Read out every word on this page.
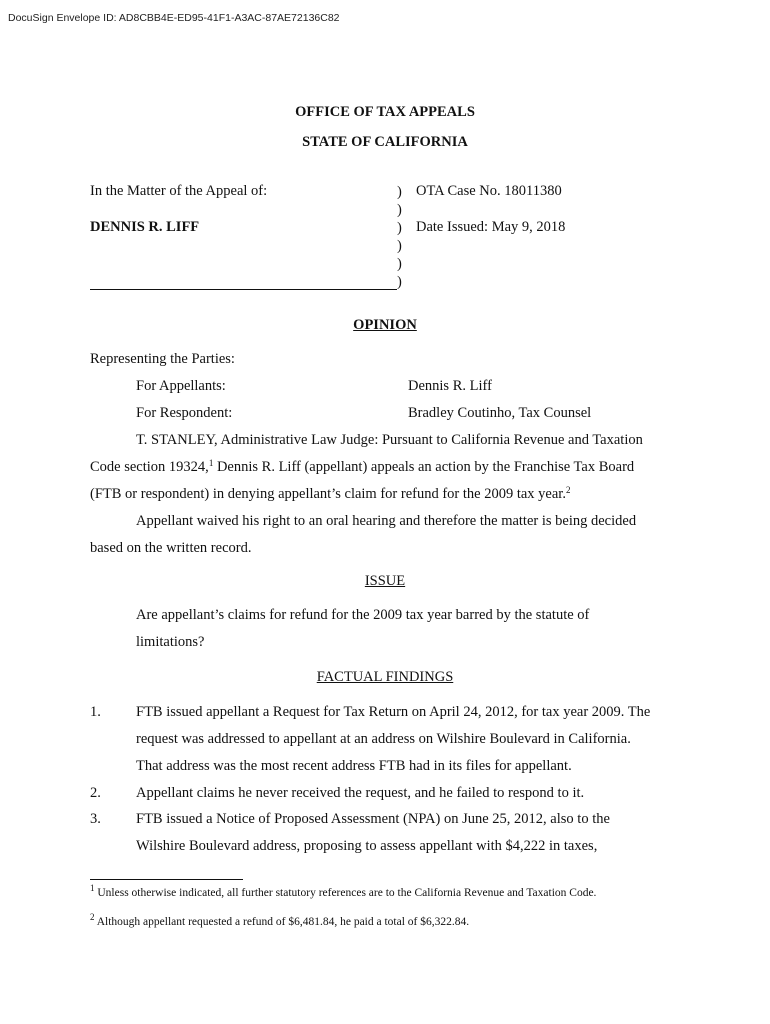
DocuSign Envelope ID: AD8CBB4E-ED95-41F1-A3AC-87AE72136C82
OFFICE OF TAX APPEALS
STATE OF CALIFORNIA
In the Matter of the Appeal of:
DENNIS R. LIFF
)
)
)
)
)
)
OTA Case No. 18011380
Date Issued: May 9, 2018
OPINION
Representing the Parties:
For Appellants:	Dennis R. Liff
For Respondent:	Bradley Coutinho, Tax Counsel
T. STANLEY, Administrative Law Judge: Pursuant to California Revenue and Taxation
Code section 19324,$^1$ Dennis R. Liff (appellant) appeals an action by the Franchise Tax Board
(FTB or respondent) in denying appellant’s claim for refund for the 2009 tax year.$^2$
Appellant waived his right to an oral hearing and therefore the matter is being decided
based on the written record.
ISSUE
Are appellant’s claims for refund for the 2009 tax year barred by the statute of
limitations?
FACTUAL FINDINGS
1. FTB issued appellant a Request for Tax Return on April 24, 2012, for tax year 2009. The
request was addressed to appellant at an address on Wilshire Boulevard in California.
That address was the most recent address FTB had in its files for appellant.
2. Appellant claims he never received the request, and he failed to respond to it.
3. FTB issued a Notice of Proposed Assessment (NPA) on June 25, 2012, also to the
Wilshire Boulevard address, proposing to assess appellant with $4,222 in taxes,
$^1$ Unless otherwise indicated, all further statutory references are to the California Revenue and Taxation Code.
$^2$ Although appellant requested a refund of $6,481.84, he paid a total of $6,322.84.
